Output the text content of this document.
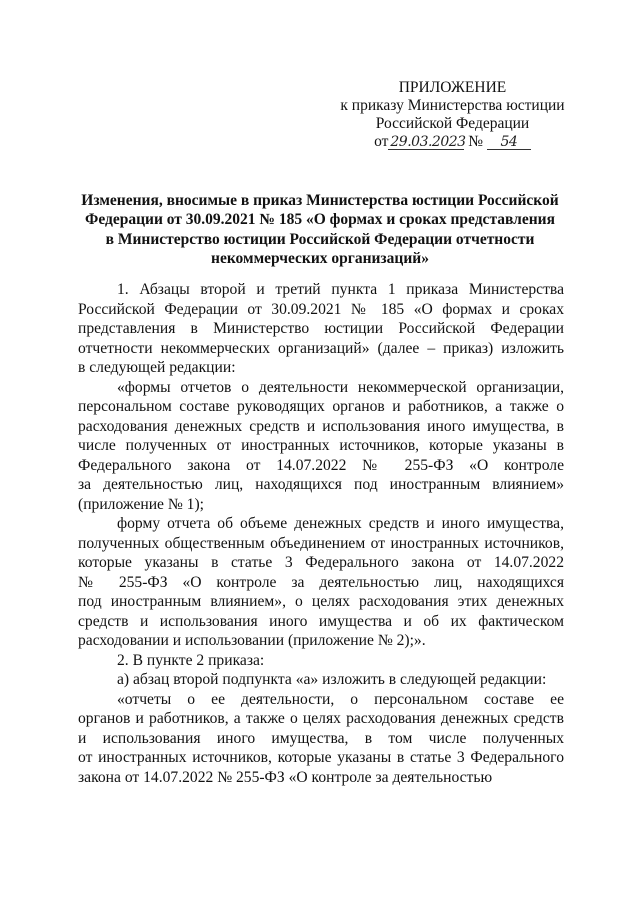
ПРИЛОЖЕНИЕ
к приказу Министерства юстиции
Российской Федерации
от 29.03.2023 № 54
Изменения, вносимые в приказ Министерства юстиции Российской
Федерации от 30.09.2021 № 185 «О формах и сроках представления
в Министерство юстиции Российской Федерации отчетности
некоммерческих организаций»
1. Абзацы второй и третий пункта 1 приказа Министерства
Российской Федерации от 30.09.2021 № 185 «О формах и сроках
представления в Министерство юстиции Российской Федерации
отчетности некоммерческих организаций» (далее – приказ) изложить
в следующей редакции:
«формы отчетов о деятельности некоммерческой организации,
персональном составе руководящих органов и работников, а также о
расходования денежных средств и использования иного имущества, в
числе полученных от иностранных источников, которые указаны в
Федерального закона от 14.07.2022 № 255-ФЗ «О контроле
за деятельностью лиц, находящихся под иностранным влиянием»
(приложение № 1);
форму отчета об объеме денежных средств и иного имущества,
полученных общественным объединением от иностранных источников,
которые указаны в статье 3 Федерального закона от 14.07.2022
№ 255-ФЗ «О контроле за деятельностью лиц, находящихся
под иностранным влиянием», о целях расходования этих денежных
средств и использования иного имущества и об их фактическом
расходовании и использовании (приложение № 2);».
2. В пункте 2 приказа:
а) абзац второй подпункта «а» изложить в следующей редакции:
«отчеты о ее деятельности, о персональном составе ее
органов и работников, а также о целях расходования денежных средств
и использования иного имущества, в том числе полученных
от иностранных источников, которые указаны в статье 3 Федерального
закона от 14.07.2022 № 255-ФЗ «О контроле за деятельностью
